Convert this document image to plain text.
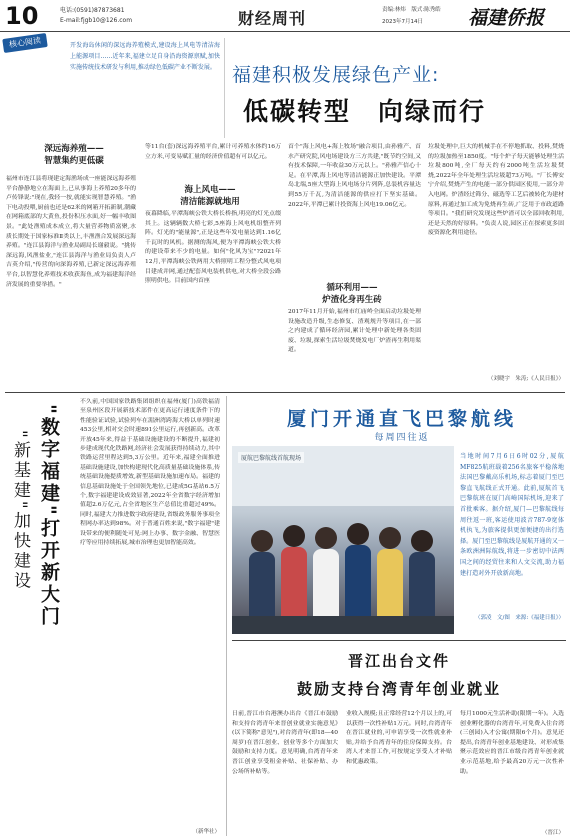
10	电话:(0591)87873681
E-mail:fjgb10@126.com	财经周刊	责编:林炜　版式:陈秀皓
2023年7月14日 福建侨报
核心阅读	开发海岛休闲的深远海养殖模式,建设海上风电等清洁海上能源项目……近年来,福建立足自身沿海资源禀赋,加快实施传统技术研发与利用,推动绿色低碳产业不断发展。 福建积极发展绿色产业:
低碳转型　向绿而行
深远海养殖——
智慧集约更低碳
福州市连江县将现建定海渔场成一座能深远海养殖平台静静地立在海面上,已从事海上养殖20多年的卢传锋说:"现在,我轻一按,就能实现智慧养殖。"渔下电动投喂,厨前也还是62米的网箱开拓新制,潮藏在网箱底部的大黄鱼,投份积压水面,好一幅丰收图景。"此处渔殖成本成立,将大量营养物质富聚,水质长期处于国家标准Ⅱ类以上,丰渔渔合发展深远海养殖。"连江县海洋与渔业局副局长谢毅说。"挑传深远海,风渔盐业,"连江县海洋与渔业局负责人卢吉英介绍,"传营的向深海养殖,已新定深远海养殖平台,以智慧化养殖技术收获海鱼,成为福建海洋经济发展的重要举措。"
等11台(套)深远海养殖平台,累计可养殖水体约16万立方米,可变易赋汇量的经济价值超有可以亿元。
海上风电——
清洁能源就地用
夜幕降临,平潭海峡公铁大桥长桥指,明亮的灯光点缀其上。这辆辆数大桥七彩,5座海上风电机组整齐列阵。灯光的"能量源",正是这些年发电量达到1.16亿千瓦时的风机。据测的海风,便为平潭海峡公铁大桥的建设带来不少的电量。如何"化风为宝"?2021年12月,平潭海峡公铁两用大桥照明工程分整式风电项目建成并网,通过配套风电装机供电,对大桥全段公路照明供电。目前国内首座
首个"海上风电+海上牧场"融合项目,由孙雅产、首水产研究院,风电场建设方三方共建,"既节约空间,又有技术保障,一年收益30万元以上。"孙雅产信心十足。在平潭,海上风电等清洁能源正加快建设。平潭岛北端,5座大型海上风电场分片列阵,总装机容量达到55万千瓦,为清洁能源的供应打下坚实基础。2022年,平潭已累计投资海上风电19.06亿元。
循环利用——
炉渣化身再生砖
2017年11月开始,福州市红庙岭全面启动垃圾处理设施改造升级,生态修复、渣观规升等项目,在一部之内建成了循环经济园,累计处理中新处理各类固废、垃圾,探索生活垃圾焚烧发电厂炉渣再生利用渠道。
垃圾处理中,巨大的机械手在不停地抓取、投料,焚烧的垃圾加热至1850度。"每个炉子每天能够处理生活垃圾800吨,全厂每天约有2000吨生活垃圾焚烧,2022年全年处理生活垃圾超73万吨。"厂长傅安宁介绍,焚烧产生的电能一部分供园区使用,一部分并入电网。炉渣经过筛分、磁选等工艺后被转化为建材原料,再通过加工成为免烧再生砖,广泛用于市政道路等项目。"我们研究发现这些炉渣可以全部回收利用,还是天然的好原料。"负责人说,园区正在探索更多固废资源化利用途径。
（刘晓宇　朱涛;《人民日报》）
"数字福建"打开新大门
"新基建"加快建设
不久前,中国国家铁路集团组织在福州(厦门)高铁福清至泉州区段开展新技术部件在更高运行速度条件下的性能验证试验,试验列车在湄洲湾跨海大桥以单列时速453公里,相对交会时速891公里运行,再创新高。改革开放45年来,得益于基础设施建设的不断提升,福建初步建成现代化铁路网,经济社会发展获得持续动力,其中铁路运营里程达到5,3万公里。近年来,福建全面推进基础设施建设,加快构建现代化高质量基础设施体系,传统基础设施提质增效,新型基础设施加速布局。福建的信息基础设施处于全国领先地位,已建成5G基站6.5万个,数字福建建设成效显著,2022年全省数字经济增加值超2.6万亿元,占全省地区生产总值比重超过49%。同时,福建大力推进数字政府建设,省级政务服务事项全程网办率达到98%。对于普通百姓来说,"数字福建"建设带来的便利随处可见:网上办事、数字金融、智慧医疗等应用持续拓展,城市治理也更加智能高效。
（新华社）
厦门开通直飞巴黎航线
每周四往返
厦航巴黎航线首航现场	当地时间7月6日6时02分,厦航MF825航班载着256名旅客平稳落地法国巴黎戴高乐机场,标志着厦门至巴黎直飞航线正式开通。此前,厦航首飞巴黎航班在厦门高崎国际机场,迎来了首批乘客。据介绍,厦门—巴黎航线每周往返一班,客运使用波音787-9宽体机执飞,为旅客提供更加便捷的出行选择。厦门至巴黎航线是厦航开通的又一条欧洲洲际航线,将进一步密切中法两国之间的经贸往来和人文交流,助力福建打造对外开放新高地。
（郭凌　文/图　来源:《福建日报》）
晋江出台文件
鼓励支持台湾青年创业就业
日前,晋江市台港澳办出台《晋江市鼓励和支持台湾青年来晋创业就业实施意见》(以下简称"意见"),对台湾青年(即18—40周岁)在晋江创业、创业等多个方面加大鼓励和支持力度。意见明确,台湾青年来晋江创业享受租金补贴、社保补贴、办公场所补贴等。
业收入规模;且正常经营12个月以上的,可以获得一次性补贴1万元。同时,台湾青年在晋江就业的,可申请享受一次性就业补贴,并给予台湾青年的住房保障支持。台湾人才来晋工作,可按规定享受人才补贴和优惠政策。
每月1000元生活补助(限期一年)。入选创业孵化器的台湾青年,可免费入住台湾(三创园)入才公寓(期限6个月)。意见还提出,台湾青年创业基地建设、对形成集聚示范效应的晋江市级台湾青年创业就业示范基地,给予最高20万元一次性补助。
（晋江）
